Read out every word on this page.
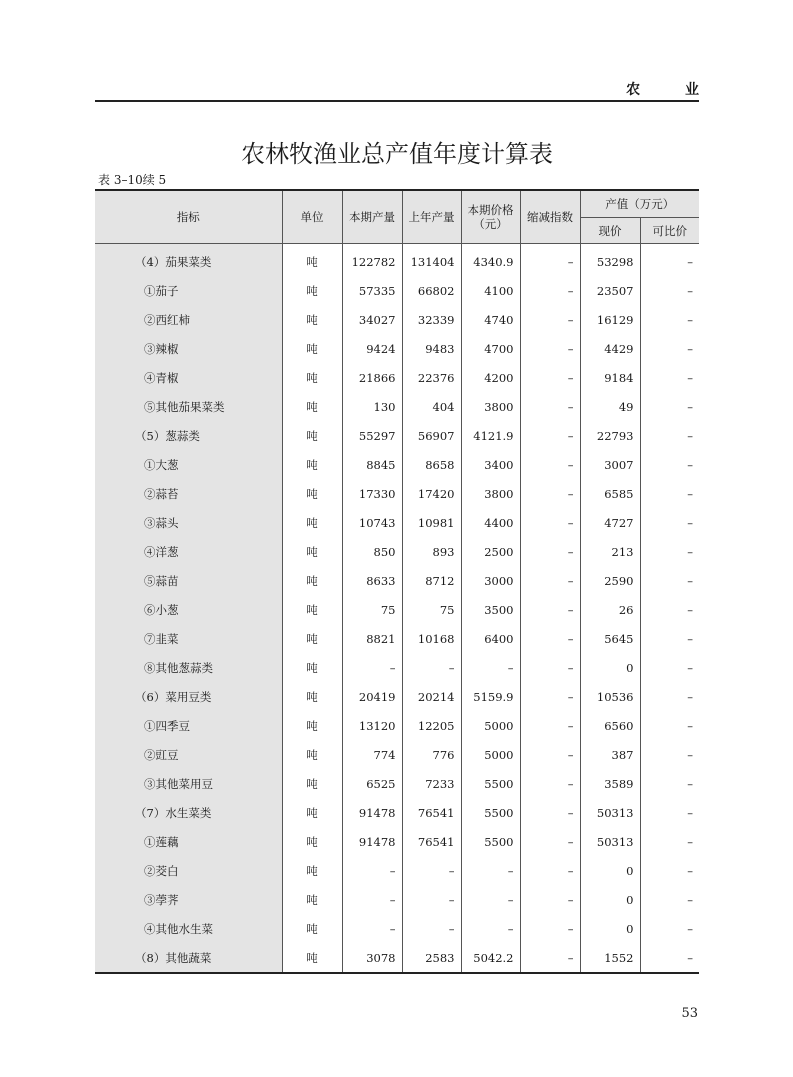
农 业
农林牧渔业总产值年度计算表
表 3–10续 5
指标	单位	本期产量	上年产量	本期价格（元）	缩减指数	产值（万元）	
						现价	可比价
（4）茄果菜类	吨	122782	131404	4340.9	–	53298	–
①茄子	吨	57335	66802	4100	–	23507	–
②西红柿	吨	34027	32339	4740	–	16129	–
③辣椒	吨	9424	9483	4700	–	4429	–
④青椒	吨	21866	22376	4200	–	9184	–
⑤其他茄果菜类	吨	130	404	3800	–	49	–
（5）葱蒜类	吨	55297	56907	4121.9	–	22793	–
①大葱	吨	8845	8658	3400	–	3007	–
②蒜苔	吨	17330	17420	3800	–	6585	–
③蒜头	吨	10743	10981	4400	–	4727	–
④洋葱	吨	850	893	2500	–	213	–
⑤蒜苗	吨	8633	8712	3000	–	2590	–
⑥小葱	吨	75	75	3500	–	26	–
⑦韭菜	吨	8821	10168	6400	–	5645	–
⑧其他葱蒜类	吨	–	–	–	–	0	–
（6）菜用豆类	吨	20419	20214	5159.9	–	10536	–
①四季豆	吨	13120	12205	5000	–	6560	–
②豇豆	吨	774	776	5000	–	387	–
③其他菜用豆	吨	6525	7233	5500	–	3589	–
（7）水生菜类	吨	91478	76541	5500	–	50313	–
①莲藕	吨	91478	76541	5500	–	50313	–
②茭白	吨	–	–	–	–	0	–
③荸荠	吨	–	–	–	–	0	–
④其他水生菜	吨	–	–	–	–	0	–
（8）其他蔬菜	吨	3078	2583	5042.2	–	1552	–
53
